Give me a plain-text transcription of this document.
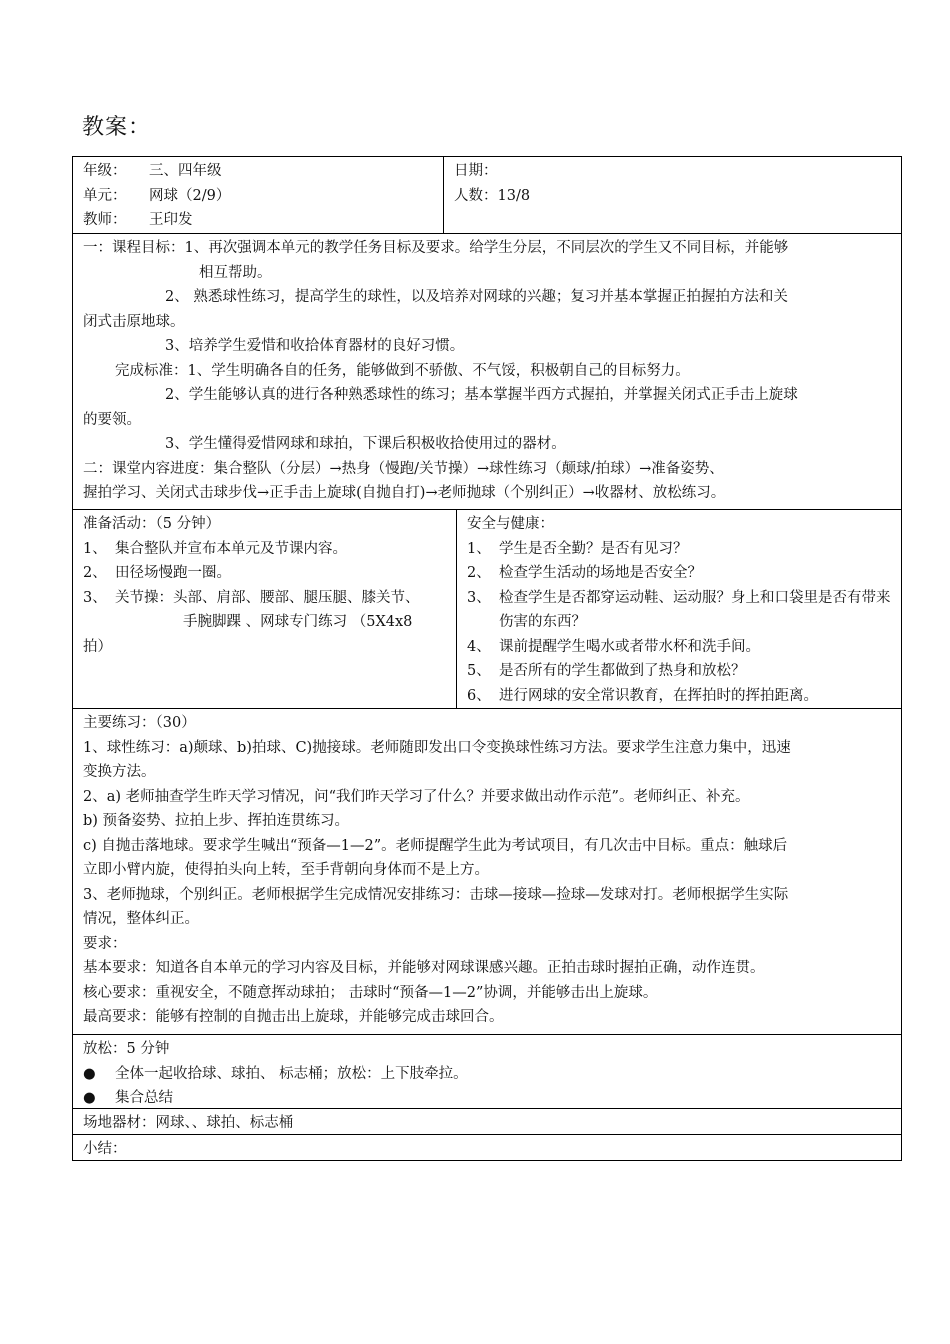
教案：
年级： 三、四年级
单元： 网球（2/9）
教师： 王印发
日期：
人数：13/8
一：课程目标：1、再次强调本单元的教学任务目标及要求。给学生分层，不同层次的学生又不同目标，并能够
相互帮助。
2、 熟悉球性练习，提高学生的球性，以及培养对网球的兴趣；复习并基本掌握正拍握拍方法和关
闭式击原地球。
3、培养学生爱惜和收拾体育器材的良好习惯。
完成标准：1、学生明确各自的任务，能够做到不骄傲、不气馁，积极朝自己的目标努力。
2、学生能够认真的进行各种熟悉球性的练习；基本掌握半西方式握拍，并掌握关闭式正手击上旋球
的要领。
3、学生懂得爱惜网球和球拍，下课后积极收拾使用过的器材。
二：课堂内容进度：集合整队（分层）→热身（慢跑/关节操）→球性练习（颠球/拍球）→准备姿势、
握拍学习、关闭式击球步伐→正手击上旋球(自抛自打)→老师抛球（个别纠正）→收器材、放松练习。
准备活动：（5 分钟）
1、 集合整队并宣布本单元及节课内容。
2、 田径场慢跑一圈。
3、 关节操：头部、肩部、腰部、腿压腿、膝关节、
手腕脚踝 、网球专门练习 （5X4x8
拍）
安全与健康：
1、 学生是否全勤？是否有见习？
2、 检查学生活动的场地是否安全？
3、 检查学生是否都穿运动鞋、运动服？身上和口袋里是否有带来伤害的东西？
4、 课前提醒学生喝水或者带水杯和洗手间。
5、 是否所有的学生都做到了热身和放松？
6、 进行网球的安全常识教育，在挥拍时的挥拍距离。
主要练习：（30）
1、球性练习：a)颠球、b)拍球、C)抛接球。老师随即发出口令变换球性练习方法。要求学生注意力集中，迅速
变换方法。
2、a) 老师抽查学生昨天学习情况，问“我们昨天学习了什么？并要求做出动作示范”。老师纠正、补充。
b) 预备姿势、拉拍上步、挥拍连贯练习。
c) 自抛击落地球。要求学生喊出“预备—1—2”。老师提醒学生此为考试项目，有几次击中目标。重点：触球后
立即小臂内旋，使得拍头向上转，至手背朝向身体而不是上方。
3、老师抛球，个别纠正。老师根据学生完成情况安排练习：击球—接球—捡球—发球对打。老师根据学生实际
情况，整体纠正。
要求：
基本要求：知道各自本单元的学习内容及目标，并能够对网球课感兴趣。正拍击球时握拍正确，动作连贯。
核心要求：重视安全，不随意挥动球拍； 击球时“预备—1—2”协调，并能够击出上旋球。
最高要求：能够有控制的自抛击出上旋球，并能够完成击球回合。
放松：5 分钟
●	全体一起收拾球、球拍、 标志桶；放松：上下肢牵拉。
●	集合总结
场地器材：网球、、球拍、标志桶
小结：
